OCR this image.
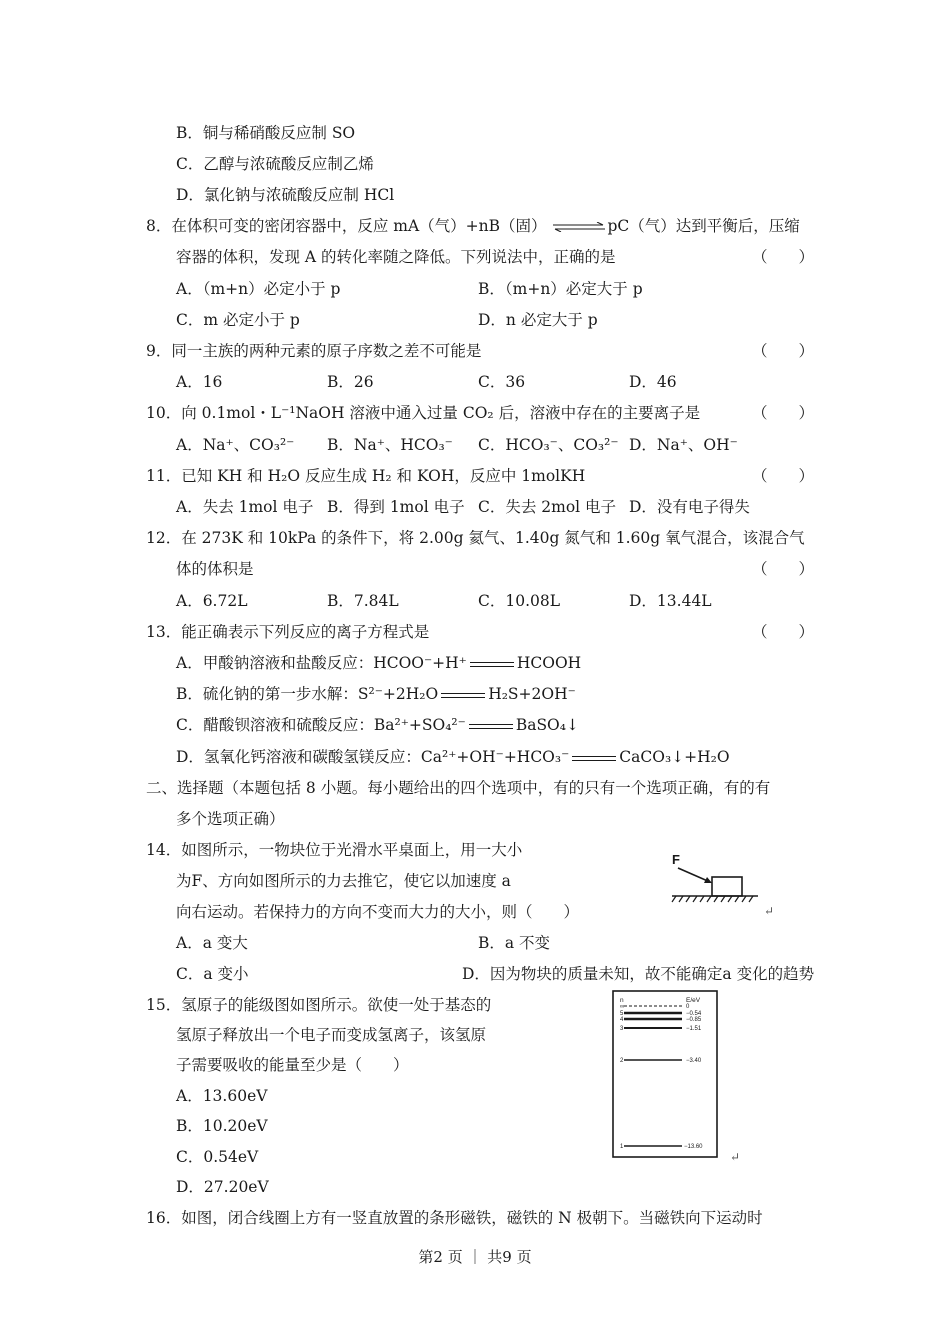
B．铜与稀硝酸反应制 SO
C．乙醇与浓硫酸反应制乙烯
D．氯化钠与浓硫酸反应制 HCl
8．在体积可变的密闭容器中，反应 mA（气）+nB（固） ⇌pC（气）达到平衡后，压缩
容器的体积，发现 A 的转化率随之降低。下列说法中，正确的是	（　　）
A．（m+n）必定小于 p	B．（m+n）必定大于 p
C．m 必定小于 p	D．n 必定大于 p
9．同一主族的两种元素的原子序数之差不可能是	（　　）
A．16	B．26	C．36	D．46
10．向 0.1mol・L⁻¹NaOH 溶液中通入过量 CO₂ 后，溶液中存在的主要离子是	（　　）
A．Na⁺、CO₃²⁻ B．Na⁺、HCO₃⁻ C．HCO₃⁻、CO₃²⁻ D．Na⁺、OH⁻
11．已知 KH 和 H₂O 反应生成 H₂ 和 KOH，反应中 1molKH	（　　）
A．失去 1mol 电子 B．得到 1mol 电子 C．失去 2mol 电子 D．没有电子得失
12．在 273K 和 10kPa 的条件下，将 2.00g 氦气、1.40g 氮气和 1.60g 氧气混合，该混合气
体的体积是	（　　）
A．6.72L	B．7.84L	C．10.08L	D．13.44L
13．能正确表示下列反应的离子方程式是	（　　）
A．甲酸钠溶液和盐酸反应：HCOO⁻+H⁺	HCOOH
B．硫化钠的第一步水解：S²⁻+2H₂O	H₂S+2OH⁻
C．醋酸钡溶液和硫酸反应：Ba²⁺+SO₄²⁻	BaSO₄↓
D．氢氧化钙溶液和碳酸氢镁反应：Ca²⁺+OH⁻+HCO₃⁻	CaCO₃↓+H₂O
二、选择题（本题包括 8 小题。每小题给出的四个选项中，有的只有一个选项正确，有的有
多个选项正确）
14．如图所示，一物块位于光滑水平桌面上，用一大小
为F、方向如图所示的力去推它，使它以加速度 a
向右运动。若保持力的方向不变而大力的大小，则（　　）
F
↵
A．a 变大	B．a 不变
C．a 变小	D．因为物块的质量未知，故不能确定a 变化的趋势
15．氢原子的能级图如图所示。欲使一处于基态的
氢原子释放出一个电子而变成氢离子，该氢原
子需要吸收的能量至少是（　　）
A．13.60eV
B．10.20eV
C．0.54eV
D．27.20eV
n	E/eV
∞	0
5	−0.54
4	−0.85
3	−1.51
2	−3.40
1	−13.60
↵
16．如图，闭合线圈上方有一竖直放置的条形磁铁，磁铁的 N 极朝下。当磁铁向下运动时
第2 页 ｜ 共9 页
